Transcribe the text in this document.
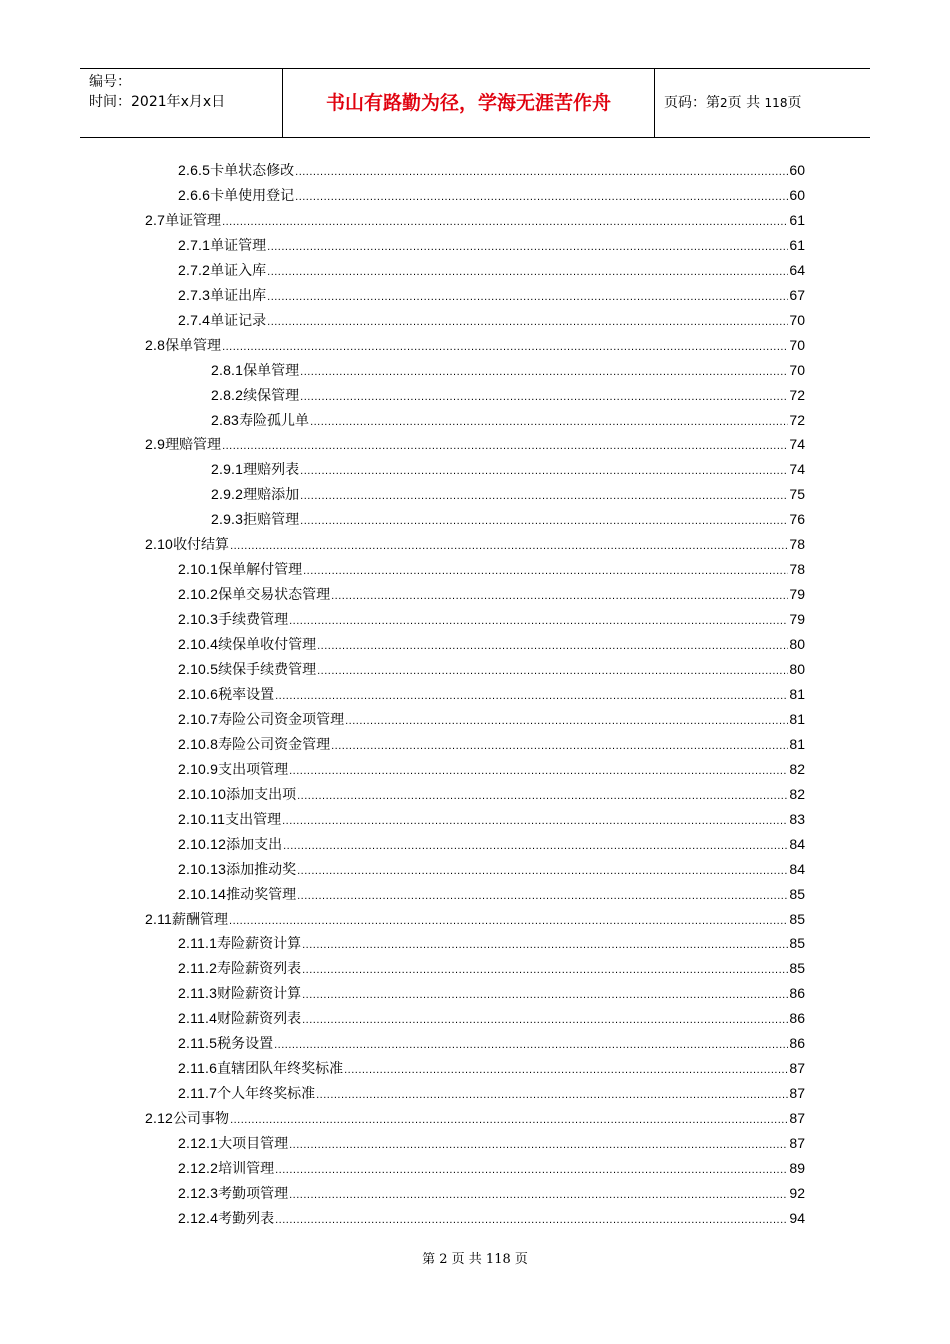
编号：
时间：2021年x月x日	书山有路勤为径，学海无涯苦作舟	页码：第2页 共 118页
2.6.5 卡单状态修改 .....	60
2.6.6 卡单使用登记 .....	60
2.7 单证管理 .....	61
2.7.1 单证管理 .....	61
2.7.2 单证入库 .....	64
2.7.3 单证出库 .....	67
2.7.4 单证记录 .....	70
2.8 保单管理 .....	70
2.8.1 保单管理 .....	70
2.8.2 续保管理 .....	72
2.83 寿险孤儿单 .....	72
2.9 理赔管理 .....	74
2.9.1 理赔列表 .....	74
2.9.2 理赔添加 .....	75
2.9.3 拒赔管理 .....	76
2.10 收付结算 .....	78
2.10.1 保单解付管理 .....	78
2.10.2 保单交易状态管理 .....	79
2.10.3 手续费管理 .....	79
2.10.4 续保单收付管理 .....	80
2.10.5 续保手续费管理 .....	80
2.10.6 税率设置 .....	81
2.10.7 寿险公司资金项管理 .....	81
2.10.8 寿险公司资金管理 .....	81
2.10.9 支出项管理 .....	82
2.10.10 添加支出项 .....	82
2.10.11 支出管理 .....	83
2.10.12 添加支出 .....	84
2.10.13 添加推动奖 .....	84
2.10.14 推动奖管理 .....	85
2.11 薪酬管理 .....	85
2.11.1 寿险薪资计算 .....	85
2.11.2 寿险薪资列表 .....	85
2.11.3 财险薪资计算 .....	86
2.11.4 财险薪资列表 .....	86
2.11.5 税务设置 .....	86
2.11.6 直辖团队年终奖标准 .....	87
2.11.7 个人年终奖标准 .....	87
2.12 公司事物 .....	87
2.12.1 大项目管理 .....	87
2.12.2 培训管理 .....	89
2.12.3 考勤项管理 .....	92
2.12.4 考勤列表 .....	94
第 2 页 共 118 页
